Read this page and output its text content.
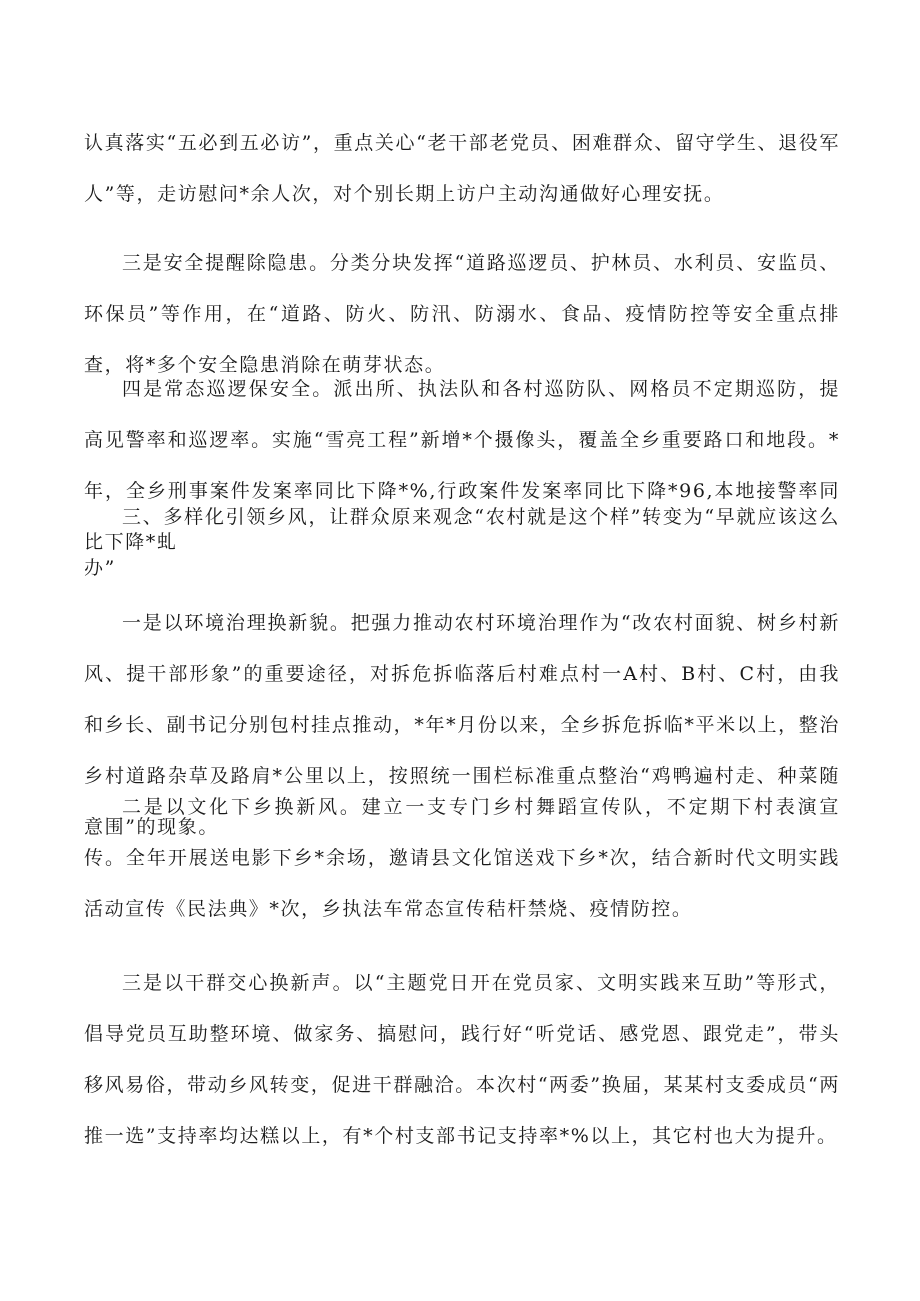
认真落实“五必到五必访”，重点关心“老干部老党员、困难群众、留守学生、退役军人”等，走访慰问*余人次，对个别长期上访户主动沟通做好心理安抚。

三是安全提醒除隐患。分类分块发挥“道路巡逻员、护林员、水利员、安监员、环保员”等作用，在“道路、防火、防汛、防溺水、食品、疫情防控等安全重点排查，将*多个安全隐患消除在萌芽状态。

四是常态巡逻保安全。派出所、执法队和各村巡防队、网格员不定期巡防，提高见警率和巡逻率。实施“雪亮工程”新增*个摄像头，覆盖全乡重要路口和地段。*年，全乡刑事案件发案率同比下降*%,行政案件发案率同比下降*96,本地接警率同比下降*虬

三、多样化引领乡风，让群众原来观念“农村就是这个样”转变为“早就应该这么办”

一是以环境治理换新貌。把强力推动农村环境治理作为“改农村面貌、树乡村新风、提干部形象”的重要途径，对拆危拆临落后村难点村一A村、B村、C村，由我和乡长、副书记分别包村挂点推动，*年*月份以来，全乡拆危拆临*平米以上，整治乡村道路杂草及路肩*公里以上，按照统一围栏标准重点整治“鸡鸭遍村走、种菜随意围”的现象。

二是以文化下乡换新风。建立一支专门乡村舞蹈宣传队，不定期下村表演宣传。全年开展送电影下乡*余场，邀请县文化馆送戏下乡*次，结合新时代文明实践活动宣传《民法典》*次，乡执法车常态宣传秸杆禁烧、疫情防控。

三是以干群交心换新声。以“主题党日开在党员家、文明实践来互助”等形式，倡导党员互助整环境、做家务、搞慰问，践行好“听党话、感党恩、跟党走”，带头移风易俗，带动乡风转变，促进干群融洽。本次村“两委”换届，某某村支委成员“两推一选”支持率均达糕以上，有*个村支部书记支持率*%以上，其它村也大为提升。
